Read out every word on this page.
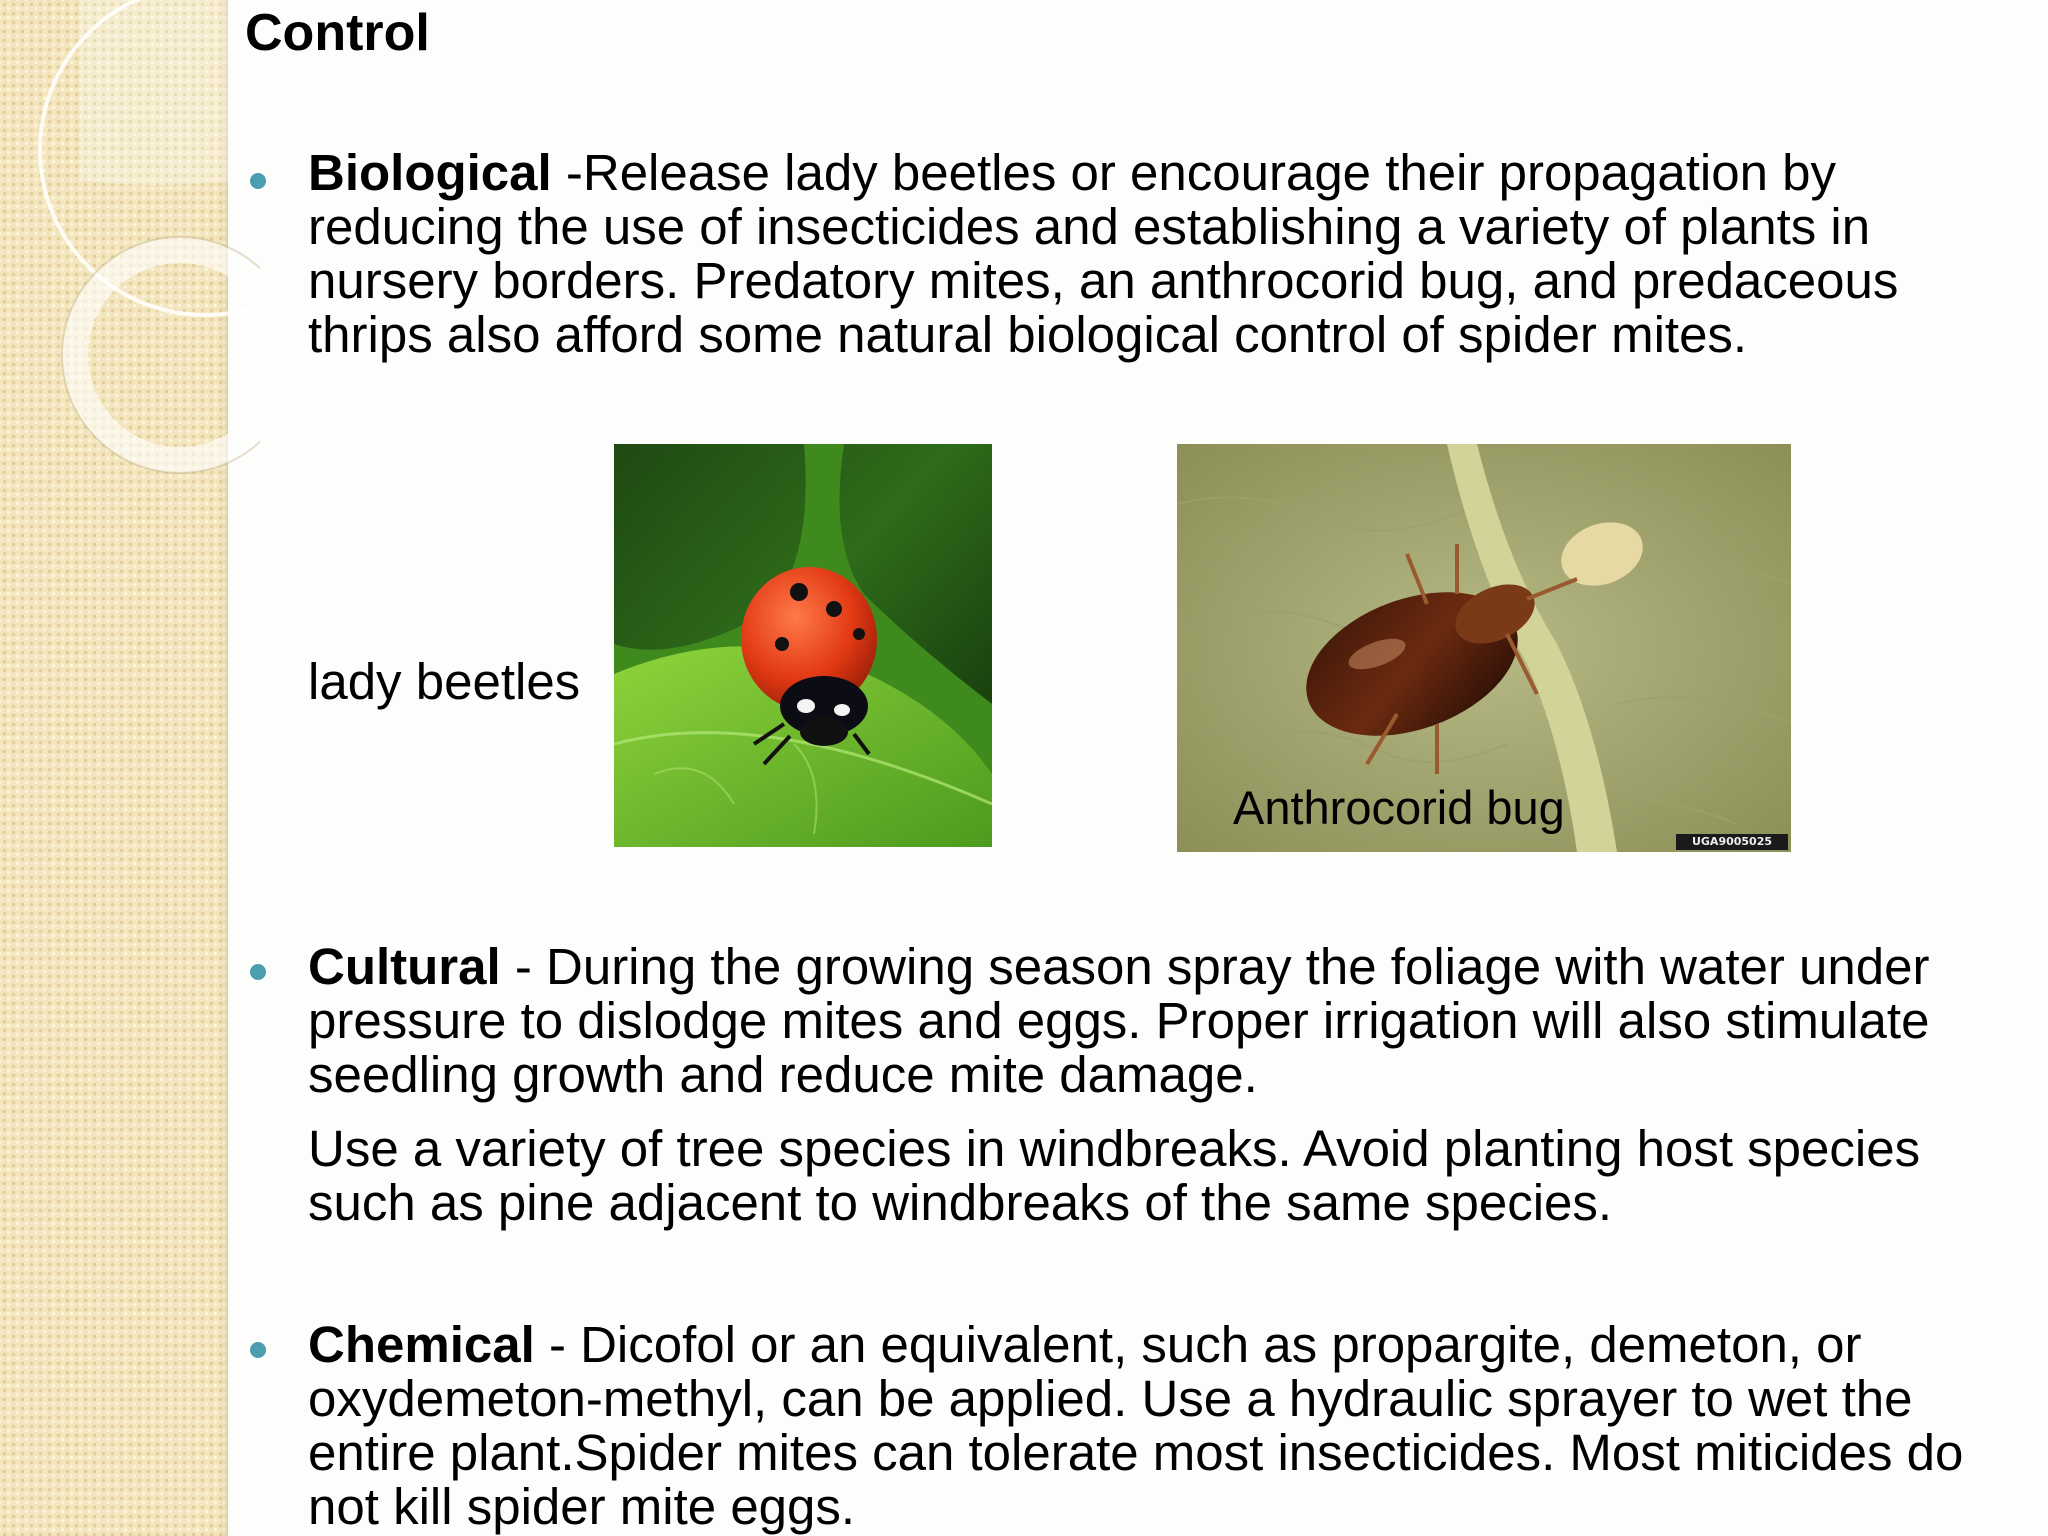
Control
Biological -Release lady beetles or encourage their propagation by reducing the use of insecticides and establishing a variety of plants in nursery borders. Predatory mites, an anthrocorid bug, and predaceous thrips also afford some natural biological control of spider mites.
lady beetles
Anthrocorid bug
UGA9005025
Cultural - During the growing season spray the foliage with water under pressure to dislodge mites and eggs. Proper irrigation will also stimulate seedling growth and reduce mite damage.
Use a variety of tree species in windbreaks. Avoid planting host species such as pine adjacent to windbreaks of the same species.
Chemical - Dicofol or an equivalent, such as propargite, demeton, or oxydemeton-methyl, can be applied. Use a hydraulic sprayer to wet the entire plant.Spider mites can tolerate most insecticides. Most miticides do not kill spider mite eggs.
